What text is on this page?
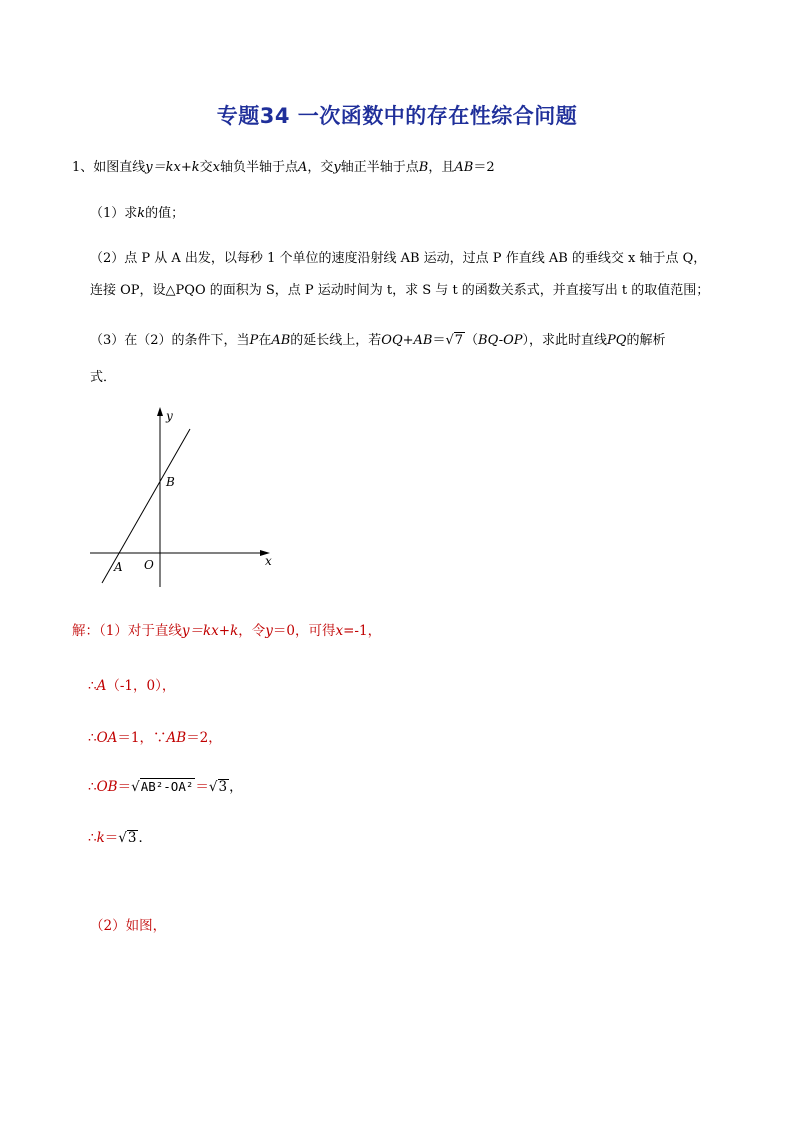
专题34 一次函数中的存在性综合问题
1、如图直线y＝kx+k交x轴负半轴于点A，交y轴正半轴于点B，且AB＝2
（1）求k的值；
（2）点 P 从 A 出发，以每秒 1 个单位的速度沿射线 AB 运动，过点 P 作直线 AB 的垂线交 x 轴于点 Q，
连接 OP，设△PQO 的面积为 S，点 P 运动时间为 t，求 S 与 t 的函数关系式，并直接写出 t 的取值范围；
（3）在（2）的条件下，当P在AB的延长线上，若OQ+AB＝√7 （BQ-OP），求此时直线PQ的解析
式．
y
x
B
A O
解：（1）对于直线y＝kx+k，令y＝0，可得x=-1，
∴A（-1，0），
∴OA＝1，∵AB＝2，
∴OB＝√AB²-OA² ＝√3 ，
∴k＝√3 ．
（2）如图，
